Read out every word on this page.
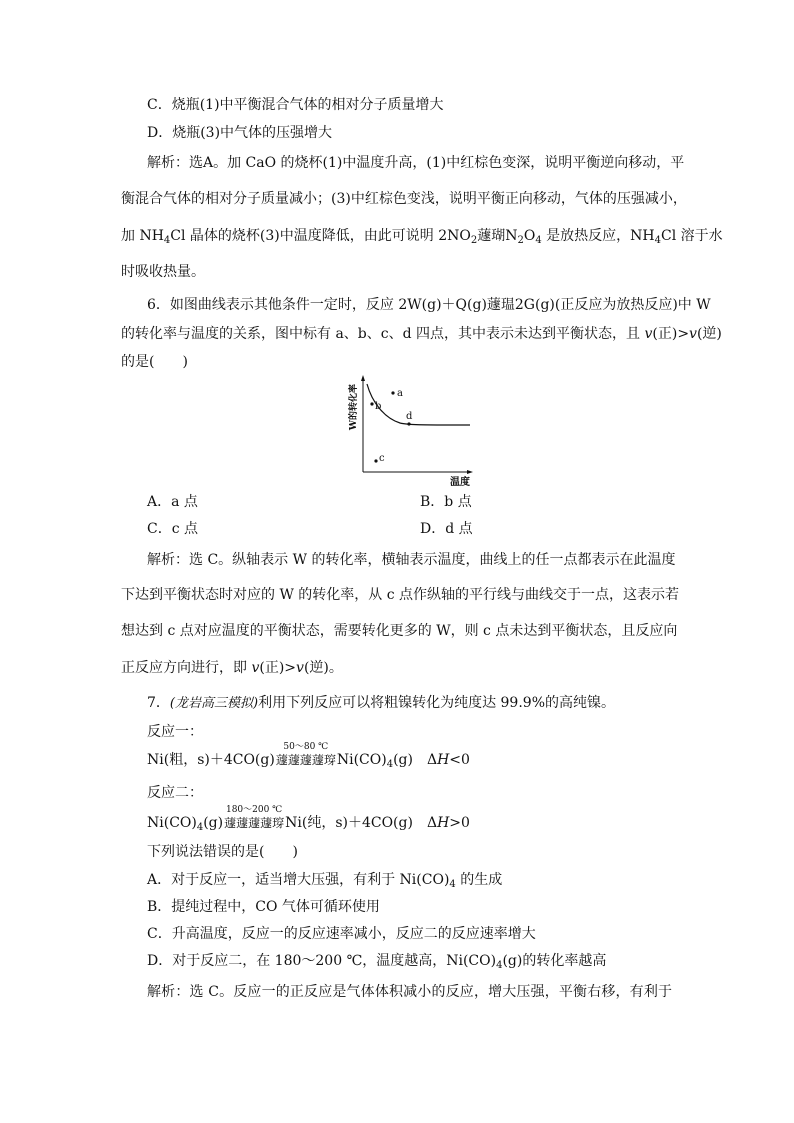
C．烧瓶(1)中平衡混合气体的相对分子质量增大
D．烧瓶(3)中气体的压强增大
解析：选A。加 CaO 的烧杯(1)中温度升高，(1)中红棕色变深，说明平衡逆向移动，平
衡混合气体的相对分子质量减小；(3)中红棕色变浅，说明平衡正向移动，气体的压强减小，
加 $NH_4Cl$ 晶体的烧杯(3)中温度降低，由此可说明 $2NO_2$蘧瑚$N_2O_4$ 是放热反应，$NH_4Cl$ 溶于水
时吸收热量。
6．如图曲线表示其他条件一定时，反应 2W(g)＋Q(g)蘧瑥2G(g)(正反应为放热反应)中 W
的转化率与温度的关系，图中标有 a、b、c、d 四点，其中表示未达到平衡状态，且 v(正)>v(逆)
的是(　　)
a
b
c
d
W的转化率
温度
A．a 点	B．b 点
C．c 点	D．d 点
解析：选 C。纵轴表示 W 的转化率，横轴表示温度，曲线上的任一点都表示在此温度
下达到平衡状态时对应的 W 的转化率，从 c 点作纵轴的平行线与曲线交于一点，这表示若
想达到 c 点对应温度的平衡状态，需要转化更多的 W，则 c 点未达到平衡状态，且反应向
正反应方向进行，即 v(正)>v(逆)。
7．(龙岩高三模拟)利用下列反应可以将粗镍转化为纯度达 99.9%的高纯镍。
反应一：
Ni(粗，s)＋4CO(g)
50～80 ℃
蘧蘧蘧蘧瑏$Ni(CO)_4(g)$　ΔH<0
反应二：
$Ni(CO)_4(g)$
180～200 ℃
蘧蘧蘧蘧瑏Ni(纯，s)＋4CO(g)　ΔH>0
下列说法错误的是(　　)
A．对于反应一，适当增大压强，有利于 $Ni(CO)_4$ 的生成
B．提纯过程中，CO 气体可循环使用
C．升高温度，反应一的反应速率减小，反应二的反应速率增大
D．对于反应二，在 180～200 ℃，温度越高，$Ni(CO)_4(g)$的转化率越高
解析：选 C。反应一的正反应是气体体积减小的反应，增大压强，平衡右移，有利于
